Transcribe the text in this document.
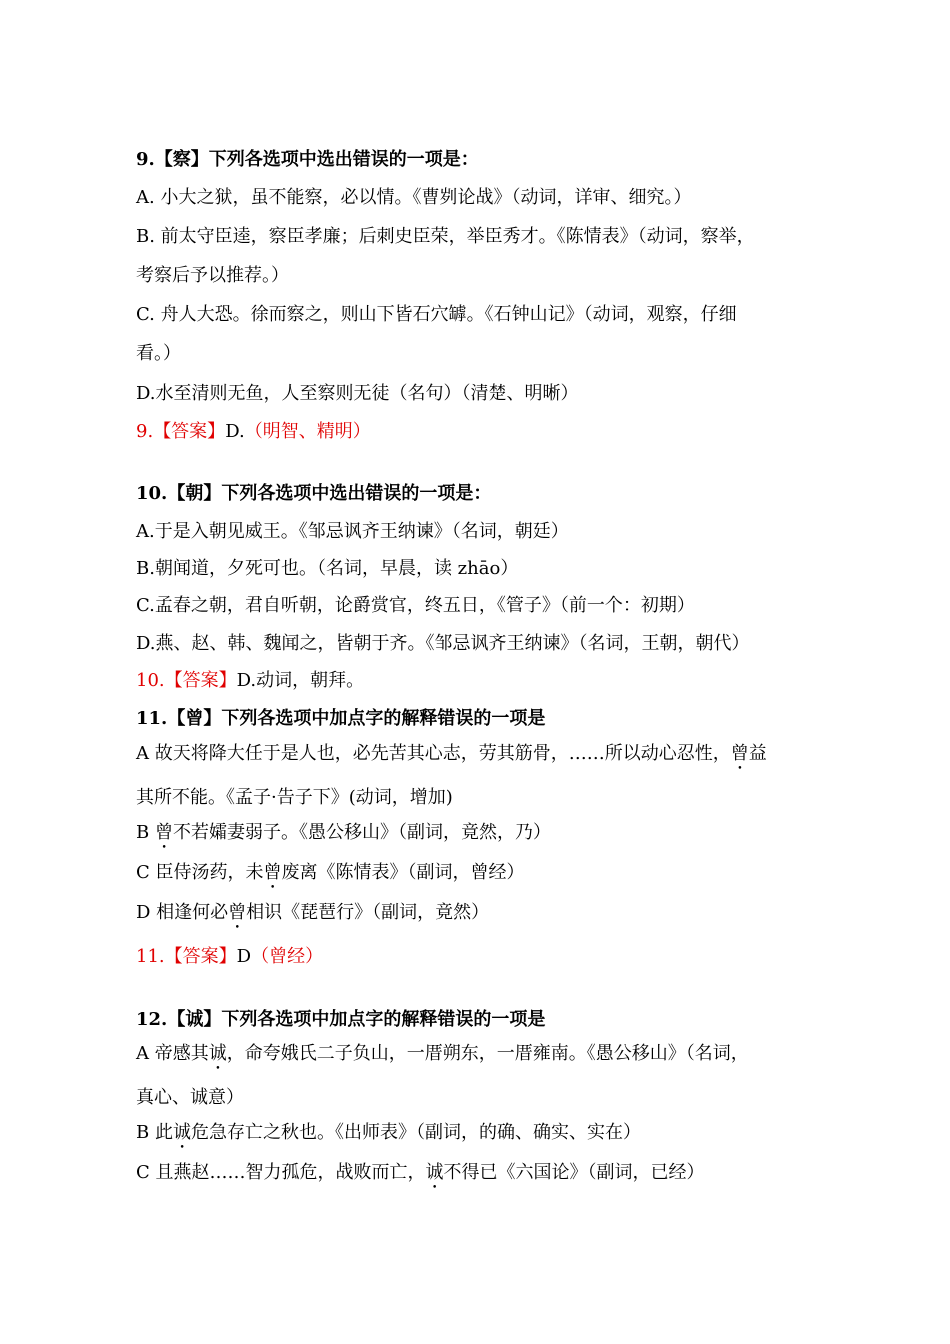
9.【察】下列各选项中选出错误的一项是：
A. 小大之狱，虽不能察，必以情。《曹刿论战》（动词，详审、细究。）
B. 前太守臣逵，察臣孝廉；后刺史臣荣，举臣秀才。《陈情表》（动词，察举，
考察后予以推荐。）
C. 舟人大恐。徐而察之，则山下皆石穴罅。《石钟山记》（动词，观察，仔细
看。）
D.水至清则无鱼，人至察则无徒（名句）（清楚、明晰）
9.【答案】D.（明智、精明）
10.【朝】下列各选项中选出错误的一项是：
A.于是入朝见威王。《邹忌讽齐王纳谏》（名词，朝廷）
B.朝闻道，夕死可也。（名词，早晨，读 zhāo）
C.孟春之朝，君自听朝，论爵赏官，终五日，《管子》（前一个：初期）
D.燕、赵、韩、魏闻之，皆朝于齐。《邹忌讽齐王纳谏》（名词，王朝，朝代）
10.【答案】D.动词，朝拜。
11.【曾】下列各选项中加点字的解释错误的一项是
A 故天将降大任于是人也，必先苦其心志，劳其筋骨，……所以动心忍性，曾益
其所不能。《孟子·告子下》(动词，增加)
B 曾不若孀妻弱子。《愚公移山》（副词，竟然，乃）
C 臣侍汤药，未曾废离《陈情表》（副词，曾经）
D 相逢何必曾相识《琵琶行》（副词，竟然）
11.【答案】D（曾经）
12.【诚】下列各选项中加点字的解释错误的一项是
A 帝感其诚，命夸娥氏二子负山，一厝朔东，一厝雍南。《愚公移山》（名词，
真心、诚意）
B 此诚危急存亡之秋也。《出师表》（副词，的确、确实、实在）
C 且燕赵……智力孤危，战败而亡，诚不得已《六国论》（副词，已经）
